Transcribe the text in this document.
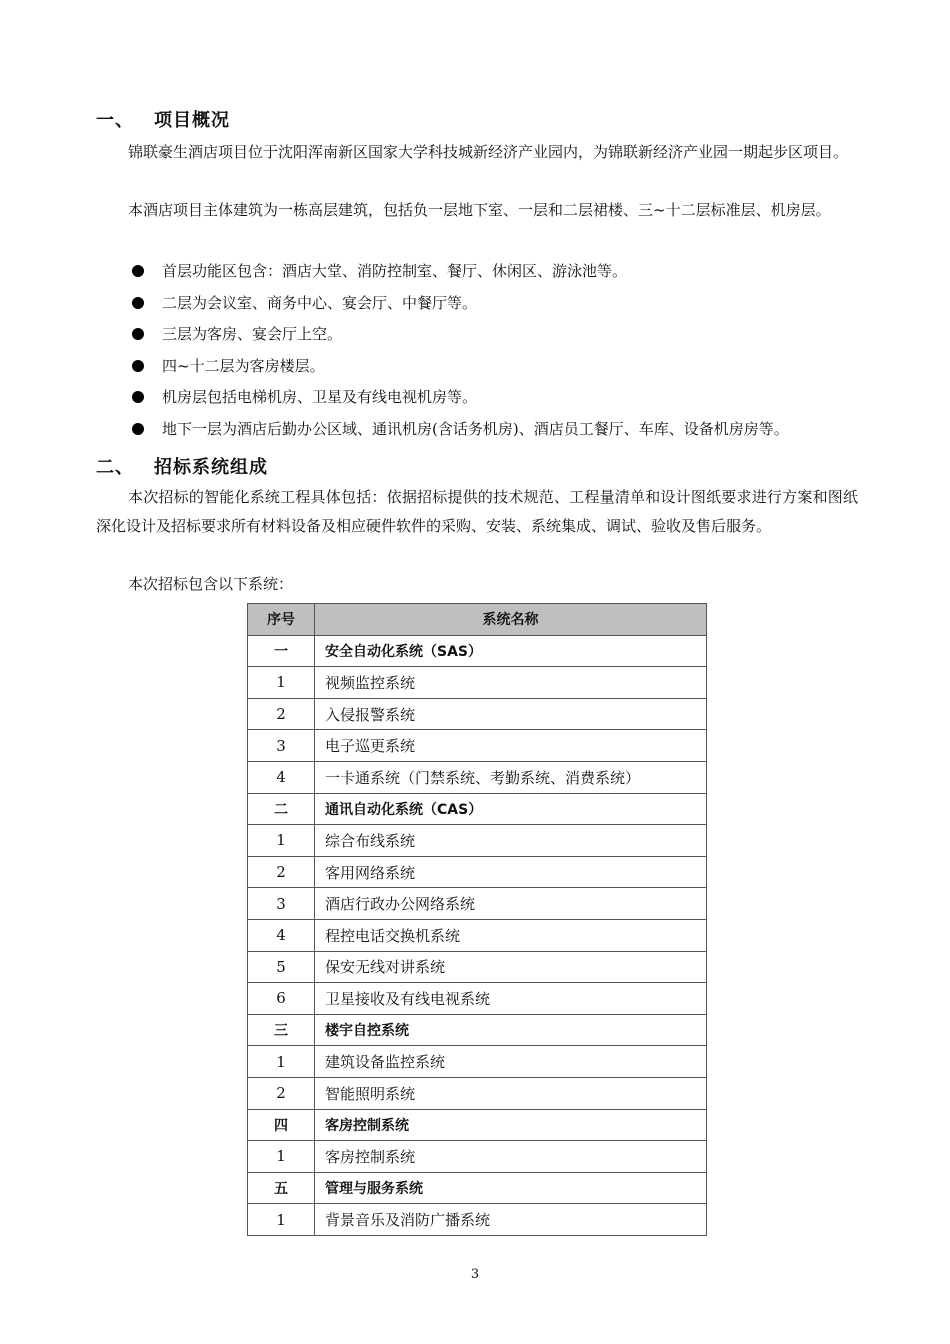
一、 项目概况

锦联豪生酒店项目位于沈阳浑南新区国家大学科技城新经济产业园内，为锦联新经济产业园一期起步区项目。

本酒店项目主体建筑为一栋高层建筑，包括负一层地下室、一层和二层裙楼、三~十二层标准层、机房层。

首层功能区包含：酒店大堂、消防控制室、餐厅、休闲区、游泳池等。
二层为会议室、商务中心、宴会厅、中餐厅等。
三层为客房、宴会厅上空。
四~十二层为客房楼层。
机房层包括电梯机房、卫星及有线电视机房等。
地下一层为酒店后勤办公区域、通讯机房(含话务机房)、酒店员工餐厅、车库、设备机房房等。
二、 招标系统组成

本次招标的智能化系统工程具体包括：依据招标提供的技术规范、工程量清单和设计图纸要求进行方案和图纸深化设计及招标要求所有材料设备及相应硬件软件的采购、安装、系统集成、调试、验收及售后服务。

本次招标包含以下系统：

序号	系统名称
一	安全自动化系统（SAS）
1	视频监控系统
2	入侵报警系统
3	电子巡更系统
4	一卡通系统（门禁系统、考勤系统、消费系统）
二	通讯自动化系统（CAS）
1	综合布线系统
2	客用网络系统
3	酒店行政办公网络系统
4	程控电话交换机系统
5	保安无线对讲系统
6	卫星接收及有线电视系统
三	楼宇自控系统
1	建筑设备监控系统
2	智能照明系统
四	客房控制系统
1	客房控制系统
五	管理与服务系统
1	背景音乐及消防广播系统
3
